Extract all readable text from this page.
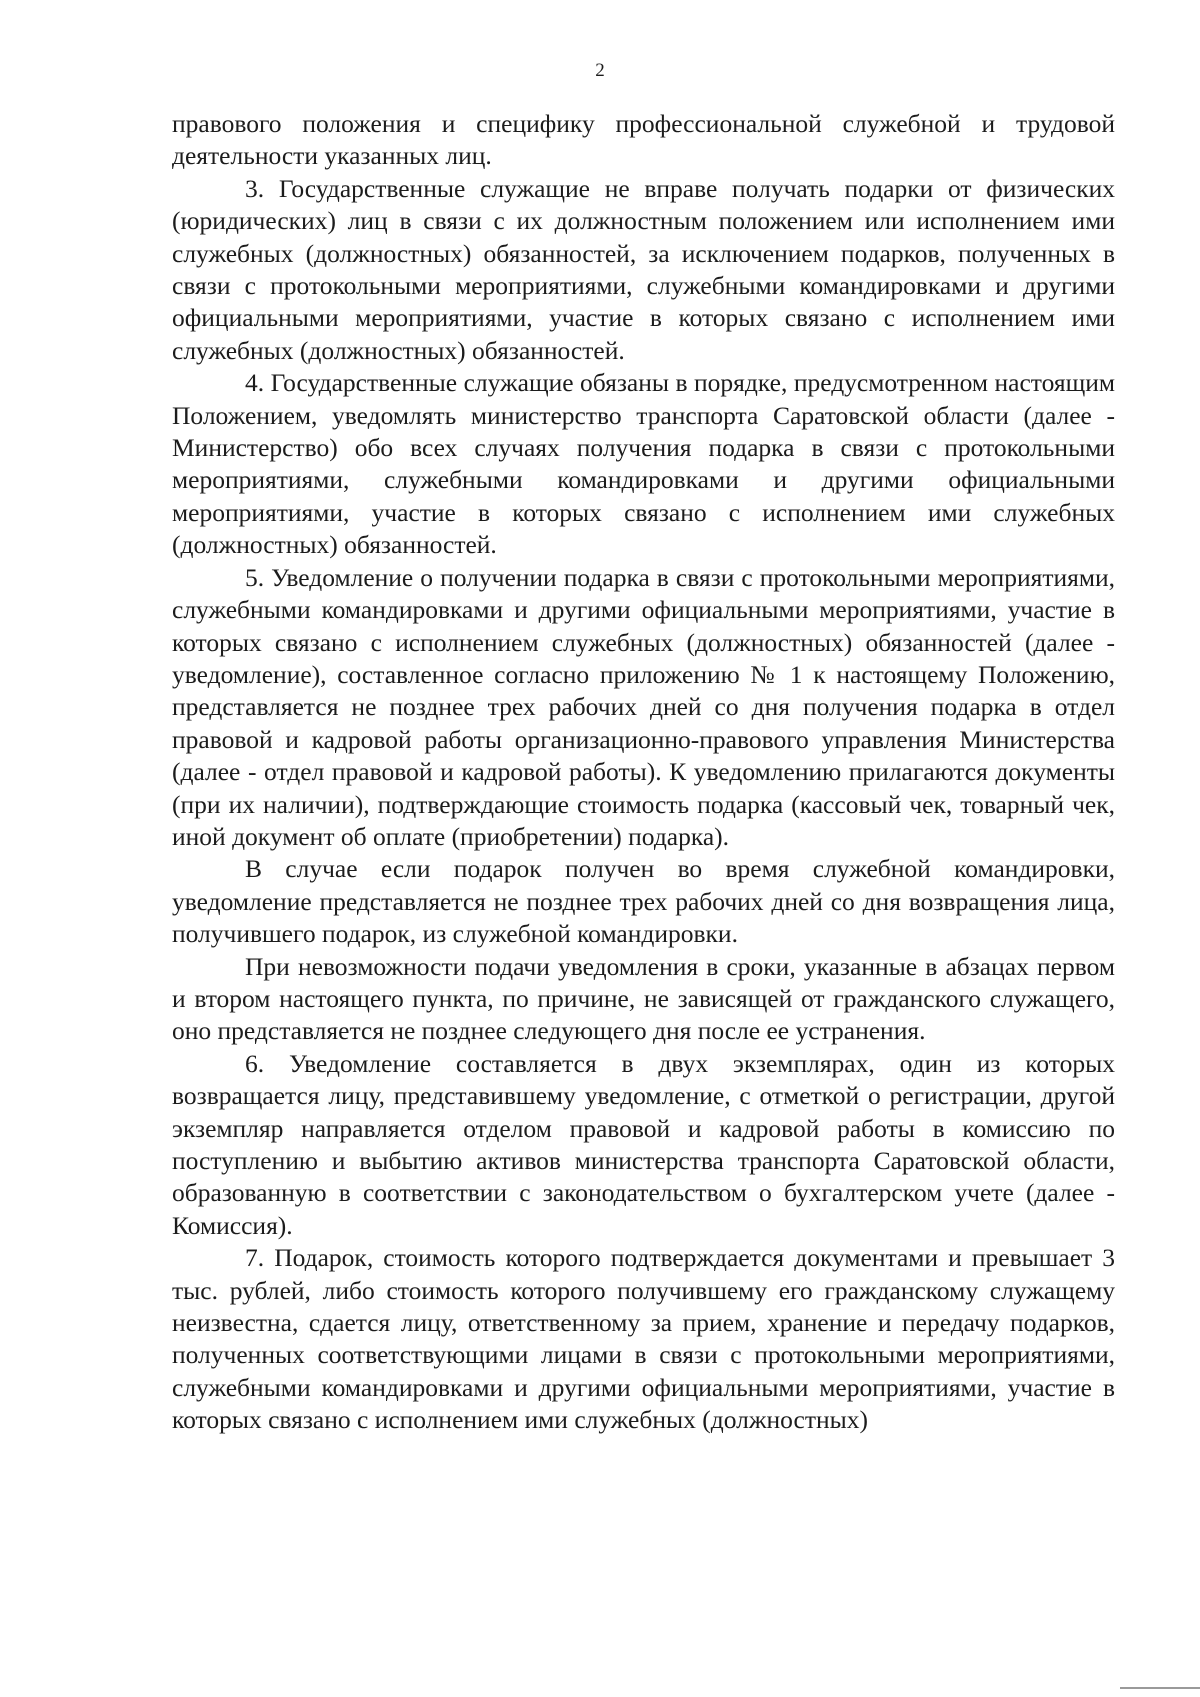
2

правового положения и специфику профессиональной служебной и трудовой деятельности указанных лиц.

3. Государственные служащие не вправе получать подарки от физических (юридических) лиц в связи с их должностным положением или исполнением ими служебных (должностных) обязанностей, за исключением подарков, полученных в связи с протокольными мероприятиями, служебными командировками и другими официальными мероприятиями, участие в которых связано с исполнением ими служебных (должностных) обязанностей.

4. Государственные служащие обязаны в порядке, предусмотренном настоящим Положением, уведомлять министерство транспорта Саратовской области (далее - Министерство) обо всех случаях получения подарка в связи с протокольными мероприятиями, служебными командировками и другими официальными мероприятиями, участие в которых связано с исполнением ими служебных (должностных) обязанностей.

5. Уведомление о получении подарка в связи с протокольными мероприятиями, служебными командировками и другими официальными мероприятиями, участие в которых связано с исполнением служебных (должностных) обязанностей (далее - уведомление), составленное согласно приложению № 1 к настоящему Положению, представляется не позднее трех рабочих дней со дня получения подарка в отдел правовой и кадровой работы организационно-правового управления Министерства (далее - отдел правовой и кадровой работы). К уведомлению прилагаются документы (при их наличии), подтверждающие стоимость подарка (кассовый чек, товарный чек, иной документ об оплате (приобретении) подарка).

В случае если подарок получен во время служебной командировки, уведомление представляется не позднее трех рабочих дней со дня возвращения лица, получившего подарок, из служебной командировки.

При невозможности подачи уведомления в сроки, указанные в абзацах первом и втором настоящего пункта, по причине, не зависящей от гражданского служащего, оно представляется не позднее следующего дня после ее устранения.

6. Уведомление составляется в двух экземплярах, один из которых возвращается лицу, представившему уведомление, с отметкой о регистрации, другой экземпляр направляется отделом правовой и кадровой работы в комиссию по поступлению и выбытию активов министерства транспорта Саратовской области, образованную в соответствии с законодательством о бухгалтерском учете (далее - Комиссия).

7. Подарок, стоимость которого подтверждается документами и превышает 3 тыс. рублей, либо стоимость которого получившему его гражданскому служащему неизвестна, сдается лицу, ответственному за прием, хранение и передачу подарков, полученных соответствующими лицами в связи с протокольными мероприятиями, служебными командировками и другими официальными мероприятиями, участие в которых связано с исполнением ими служебных (должностных)
